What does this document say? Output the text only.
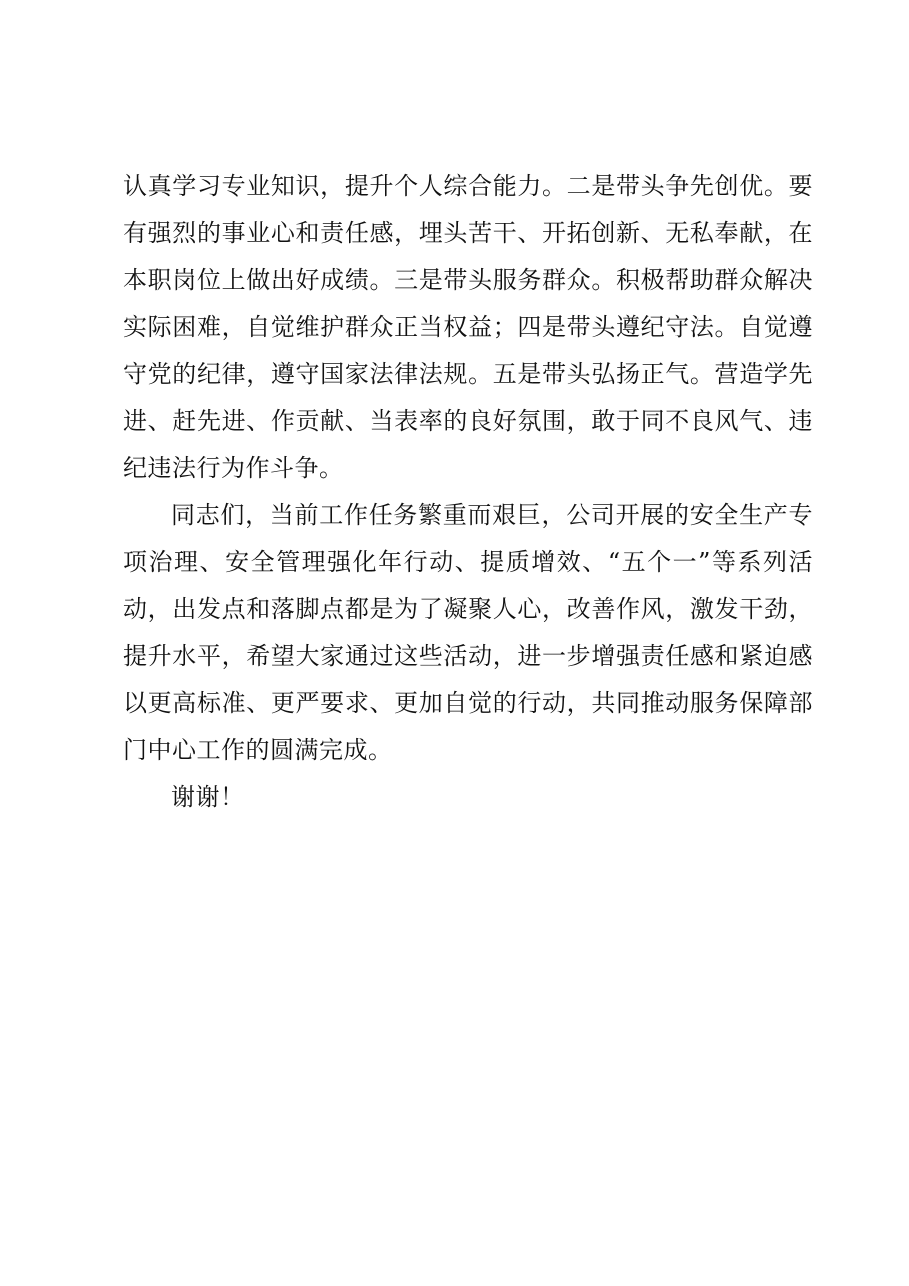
认真学习专业知识，提升个人综合能力。二是带头争先创优。要有强烈的事业心和责任感，埋头苦干、开拓创新、无私奉献，在本职岗位上做出好成绩。三是带头服务群众。积极帮助群众解决实际困难，自觉维护群众正当权益；四是带头遵纪守法。自觉遵守党的纪律，遵守国家法律法规。五是带头弘扬正气。营造学先进、赶先进、作贡献、当表率的良好氛围，敢于同不良风气、违纪违法行为作斗争。

同志们，当前工作任务繁重而艰巨，公司开展的安全生产专项治理、安全管理强化年行动、提质增效、“五个一”等系列活动，出发点和落脚点都是为了凝聚人心，改善作风，激发干劲，提升水平，希望大家通过这些活动，进一步增强责任感和紧迫感以更高标准、更严要求、更加自觉的行动，共同推动服务保障部门中心工作的圆满完成。

谢谢！
